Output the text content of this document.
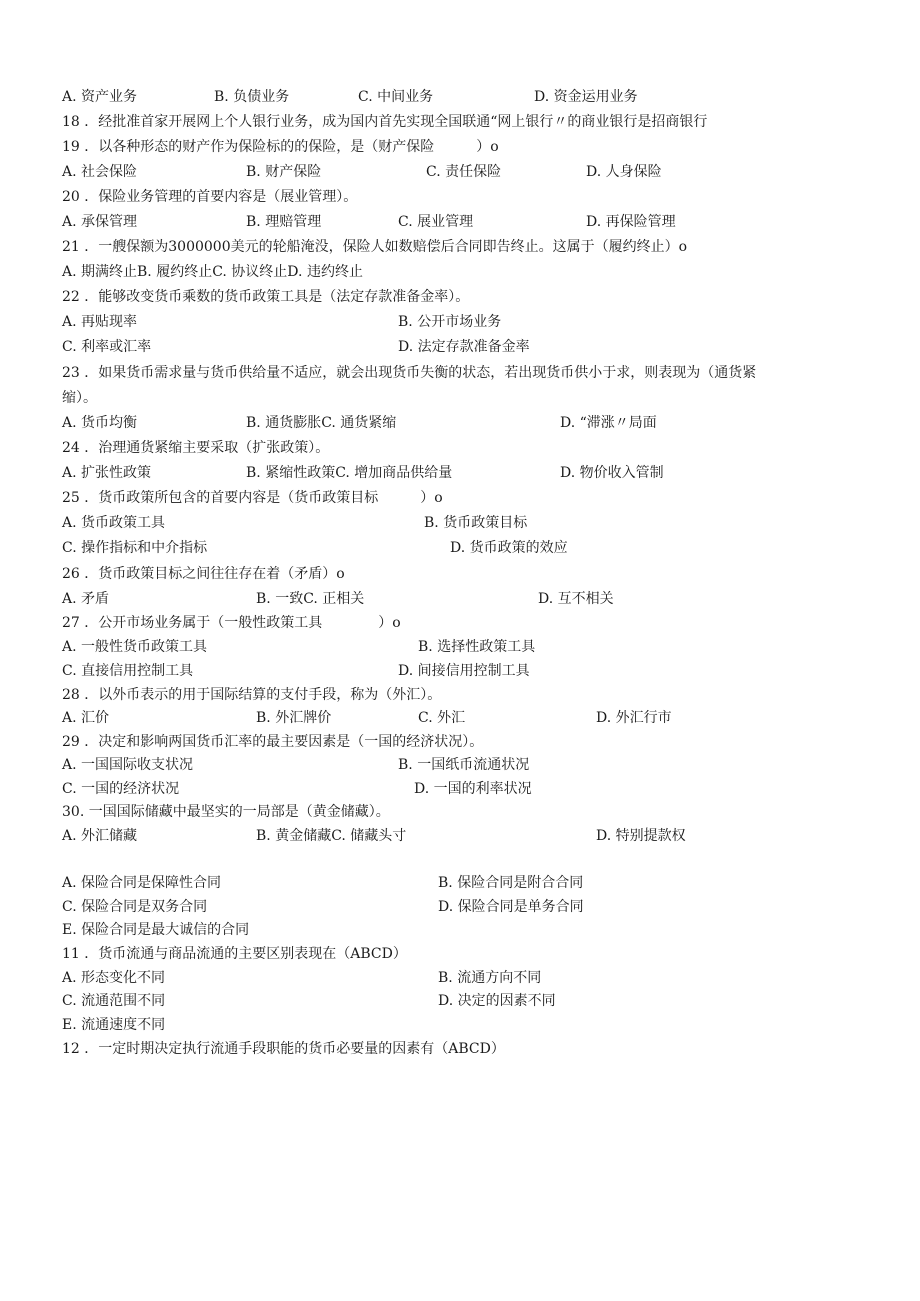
A. 资产业务	B. 负债业务	C. 中间业务	D. 资金运用业务
18 ．经批准首家开展网上个人银行业务，成为国内首先实现全国联通“网上银行〃的商业银行是招商银行
19 ．以各种形态的财产作为保险标的的保险，是（财产保险　　　）o
A. 社会保险	B. 财产保险	C. 责任保险	D. 人身保险
20 ．保险业务管理的首要内容是（展业管理）。
A. 承保管理	B. 理赔管理	C. 展业管理	D. 再保险管理
21 ．一艘保额为3000000美元的轮船淹没，保险人如数赔偿后合同即告终止。这属于（履约终止）o
A. 期满终止B. 履约终止C. 协议终止D. 违约终止
22 ．能够改变货币乘数的货币政策工具是（法定存款准备金率）。
A. 再贴现率	B. 公开市场业务
C. 利率或汇率	D. 法定存款准备金率
23 ．如果货币需求量与货币供给量不适应，就会出现货币失衡的状态，若出现货币供小于求，则表现为（通货紧
缩）。
A. 货币均衡	B. 通货膨胀C. 通货紧缩	D. “滞涨〃局面
24 ．治理通货紧缩主要采取（扩张政策）。
A. 扩张性政策	B. 紧缩性政策C. 增加商品供给量	D. 物价收入管制
25 ．货币政策所包含的首要内容是（货币政策目标　　　）o
A. 货币政策工具	B. 货币政策目标
C. 操作指标和中介指标	D. 货币政策的效应
26 ．货币政策目标之间往往存在着（矛盾）o
A. 矛盾	B. 一致C. 正相关	D. 互不相关
27 ．公开市场业务属于（一般性政策工具　　　　）o
A. 一般性货币政策工具	B. 选择性政策工具
C. 直接信用控制工具	D. 间接信用控制工具
28 ．以外币表示的用于国际结算的支付手段，称为（外汇）。
A. 汇价	B. 外汇牌价	C. 外汇	D. 外汇行市
29 ．决定和影响两国货币汇率的最主要因素是（一国的经济状况）。
A. 一国国际收支状况	B. 一国纸币流通状况
C. 一国的经济状况	D. 一国的利率状况
30. 一国国际储藏中最坚实的一局部是（黄金储藏）。
A. 外汇储藏	B. 黄金储藏C. 储藏头寸	D. 特别提款权
A. 保险合同是保障性合同	B. 保险合同是附合合同
C. 保险合同是双务合同	D. 保险合同是单务合同
E. 保险合同是最大诚信的合同
11 ．货币流通与商品流通的主要区别表现在（ABCD）
A. 形态变化不同	B. 流通方向不同
C. 流通范围不同	D. 决定的因素不同
E. 流通速度不同
12 ．一定时期决定执行流通手段职能的货币必要量的因素有（ABCD）
